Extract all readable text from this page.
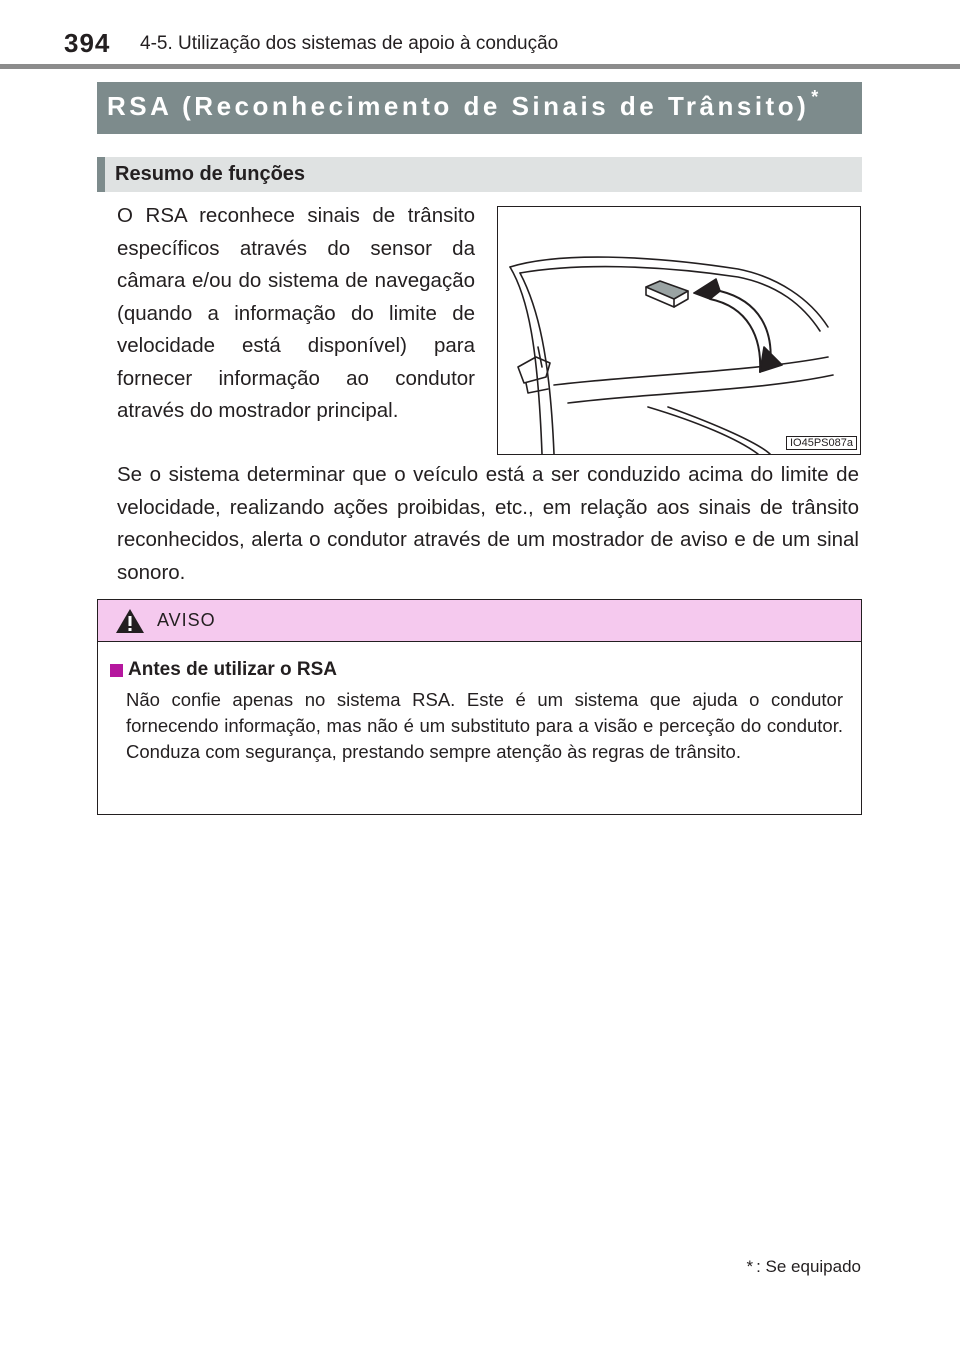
394 4-5. Utilização dos sistemas de apoio à condução
RSA (Reconhecimento de Sinais de Trânsito) *
Resumo de funções

O RSA reconhece sinais de trânsito específicos através do sensor da câmara e/ou do sistema de navegação (quando a informação do limite de velocidade está disponível) para fornecer informação ao condutor através do mostrador principal.

IO45PS087a

Se o sistema determinar que o veículo está a ser conduzido acima do limite de velocidade, realizando ações proibidas, etc., em relação aos sinais de trânsito reconhecidos, alerta o condutor através de um mostrador de aviso e de um sinal sonoro.

AVISO
Antes de utilizar o RSA

Não confie apenas no sistema RSA. Este é um sistema que ajuda o condutor fornecendo informação, mas não é um substituto para a visão e perceção do condutor. Conduza com segurança, prestando sempre atenção às regras de trânsito.

* : Se equipado
